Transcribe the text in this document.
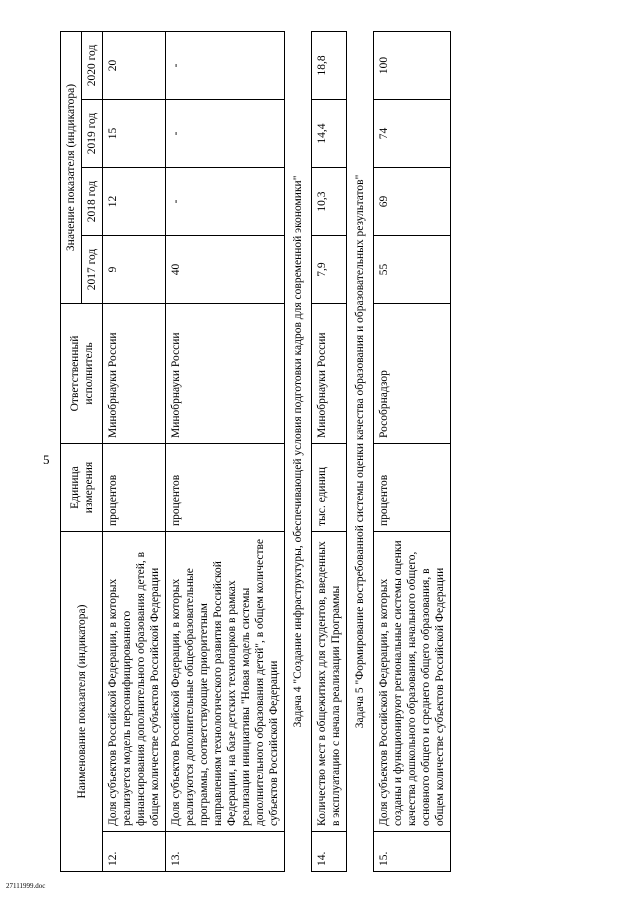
5
Наименование показателя (индикатора)		Единица измерения	Ответственный исполнитель	Значение показателя (индикатора)			
				2017 год	2018 год	2019 год	2020 год
12.	Доля субъектов Российской Федерации, в которых реализуется модель персонифицированного финансирования дополнительного образования детей, в общем количестве субъектов Российской Федерации	процентов	Минобрнауки России	9	12	15	20
13.	Доля субъектов Российской Федерации, в которых реализуются дополнительные общеобразовательные программы, соответствующие приоритетным направлениям технологического развития Российской Федерации, на базе детских технопарков в рамках реализации инициативы "Новая модель системы дополнительного образования детей", в общем количестве субъектов Российской Федерации	процентов	Минобрнауки России	40	-	-	-
Задача 4 "Создание инфраструктуры, обеспечивающей условия подготовки кадров для современной экономики"							
14.	Количество мест в общежитиях для студентов, введенных в эксплуатацию с начала реализации Программы	тыс. единиц	Минобрнауки России	7,9	10,3	14,4	18,8
Задача 5 "Формирование востребованной системы оценки качества образования и образовательных результатов"							
15.	Доля субъектов Российской Федерации, в которых созданы и функционируют региональные системы оценки качества дошкольного образования, начального общего, основного общего и среднего общего образования, в общем количестве субъектов Российской Федерации	процентов	Рособрнадзор	55	69	74	100
27111999.doc
